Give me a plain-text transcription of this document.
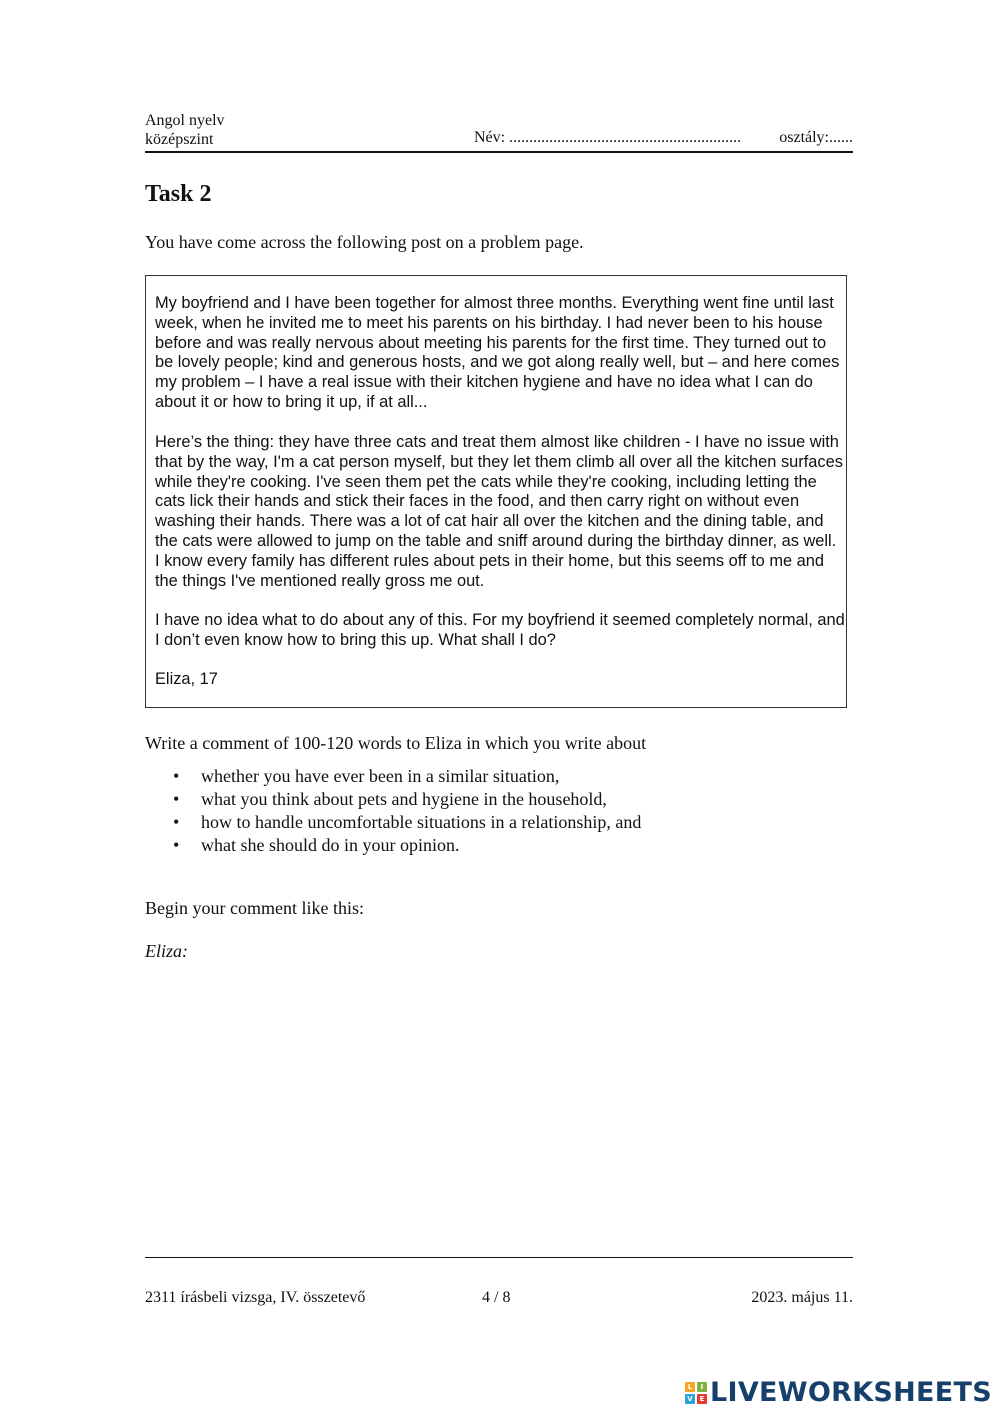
Angol nyelv
középszint	Név: .......................................................... osztály:......
Task 2
You have come across the following post on a problem page.

My boyfriend and I have been together for almost three months. Everything went fine until last week, when he invited me to meet his parents on his birthday. I had never been to his house before and was really nervous about meeting his parents for the first time. They turned out to be lovely people; kind and generous hosts, and we got along really well, but – and here comes my problem – I have a real issue with their kitchen hygiene and have no idea what I can do about it or how to bring it up, if at all...

Here’s the thing: they have three cats and treat them almost like children - I have no issue with that by the way, I'm a cat person myself, but they let them climb all over all the kitchen surfaces while they're cooking. I've seen them pet the cats while they're cooking, including letting the cats lick their hands and stick their faces in the food, and then carry right on without even washing their hands. There was a lot of cat hair all over the kitchen and the dining table, and the cats were allowed to jump on the table and sniff around during the birthday dinner, as well. I know every family has different rules about pets in their home, but this seems off to me and the things I've mentioned really gross me out.

I have no idea what to do about any of this. For my boyfriend it seemed completely normal, and I don’t even know how to bring this up. What shall I do?

Eliza, 17

Write a comment of 100-120 words to Eliza in which you write about
• whether you have ever been in a similar situation,
• what you think about pets and hygiene in the household,
• how to handle uncomfortable situations in a relationship, and
• what she should do in your opinion.
Begin your comment like this:
Eliza:
2311 írásbeli vizsga, IV. összetevő	4 / 8	2023. május 11.
L	I
V E LIVEWORKSHEETS
